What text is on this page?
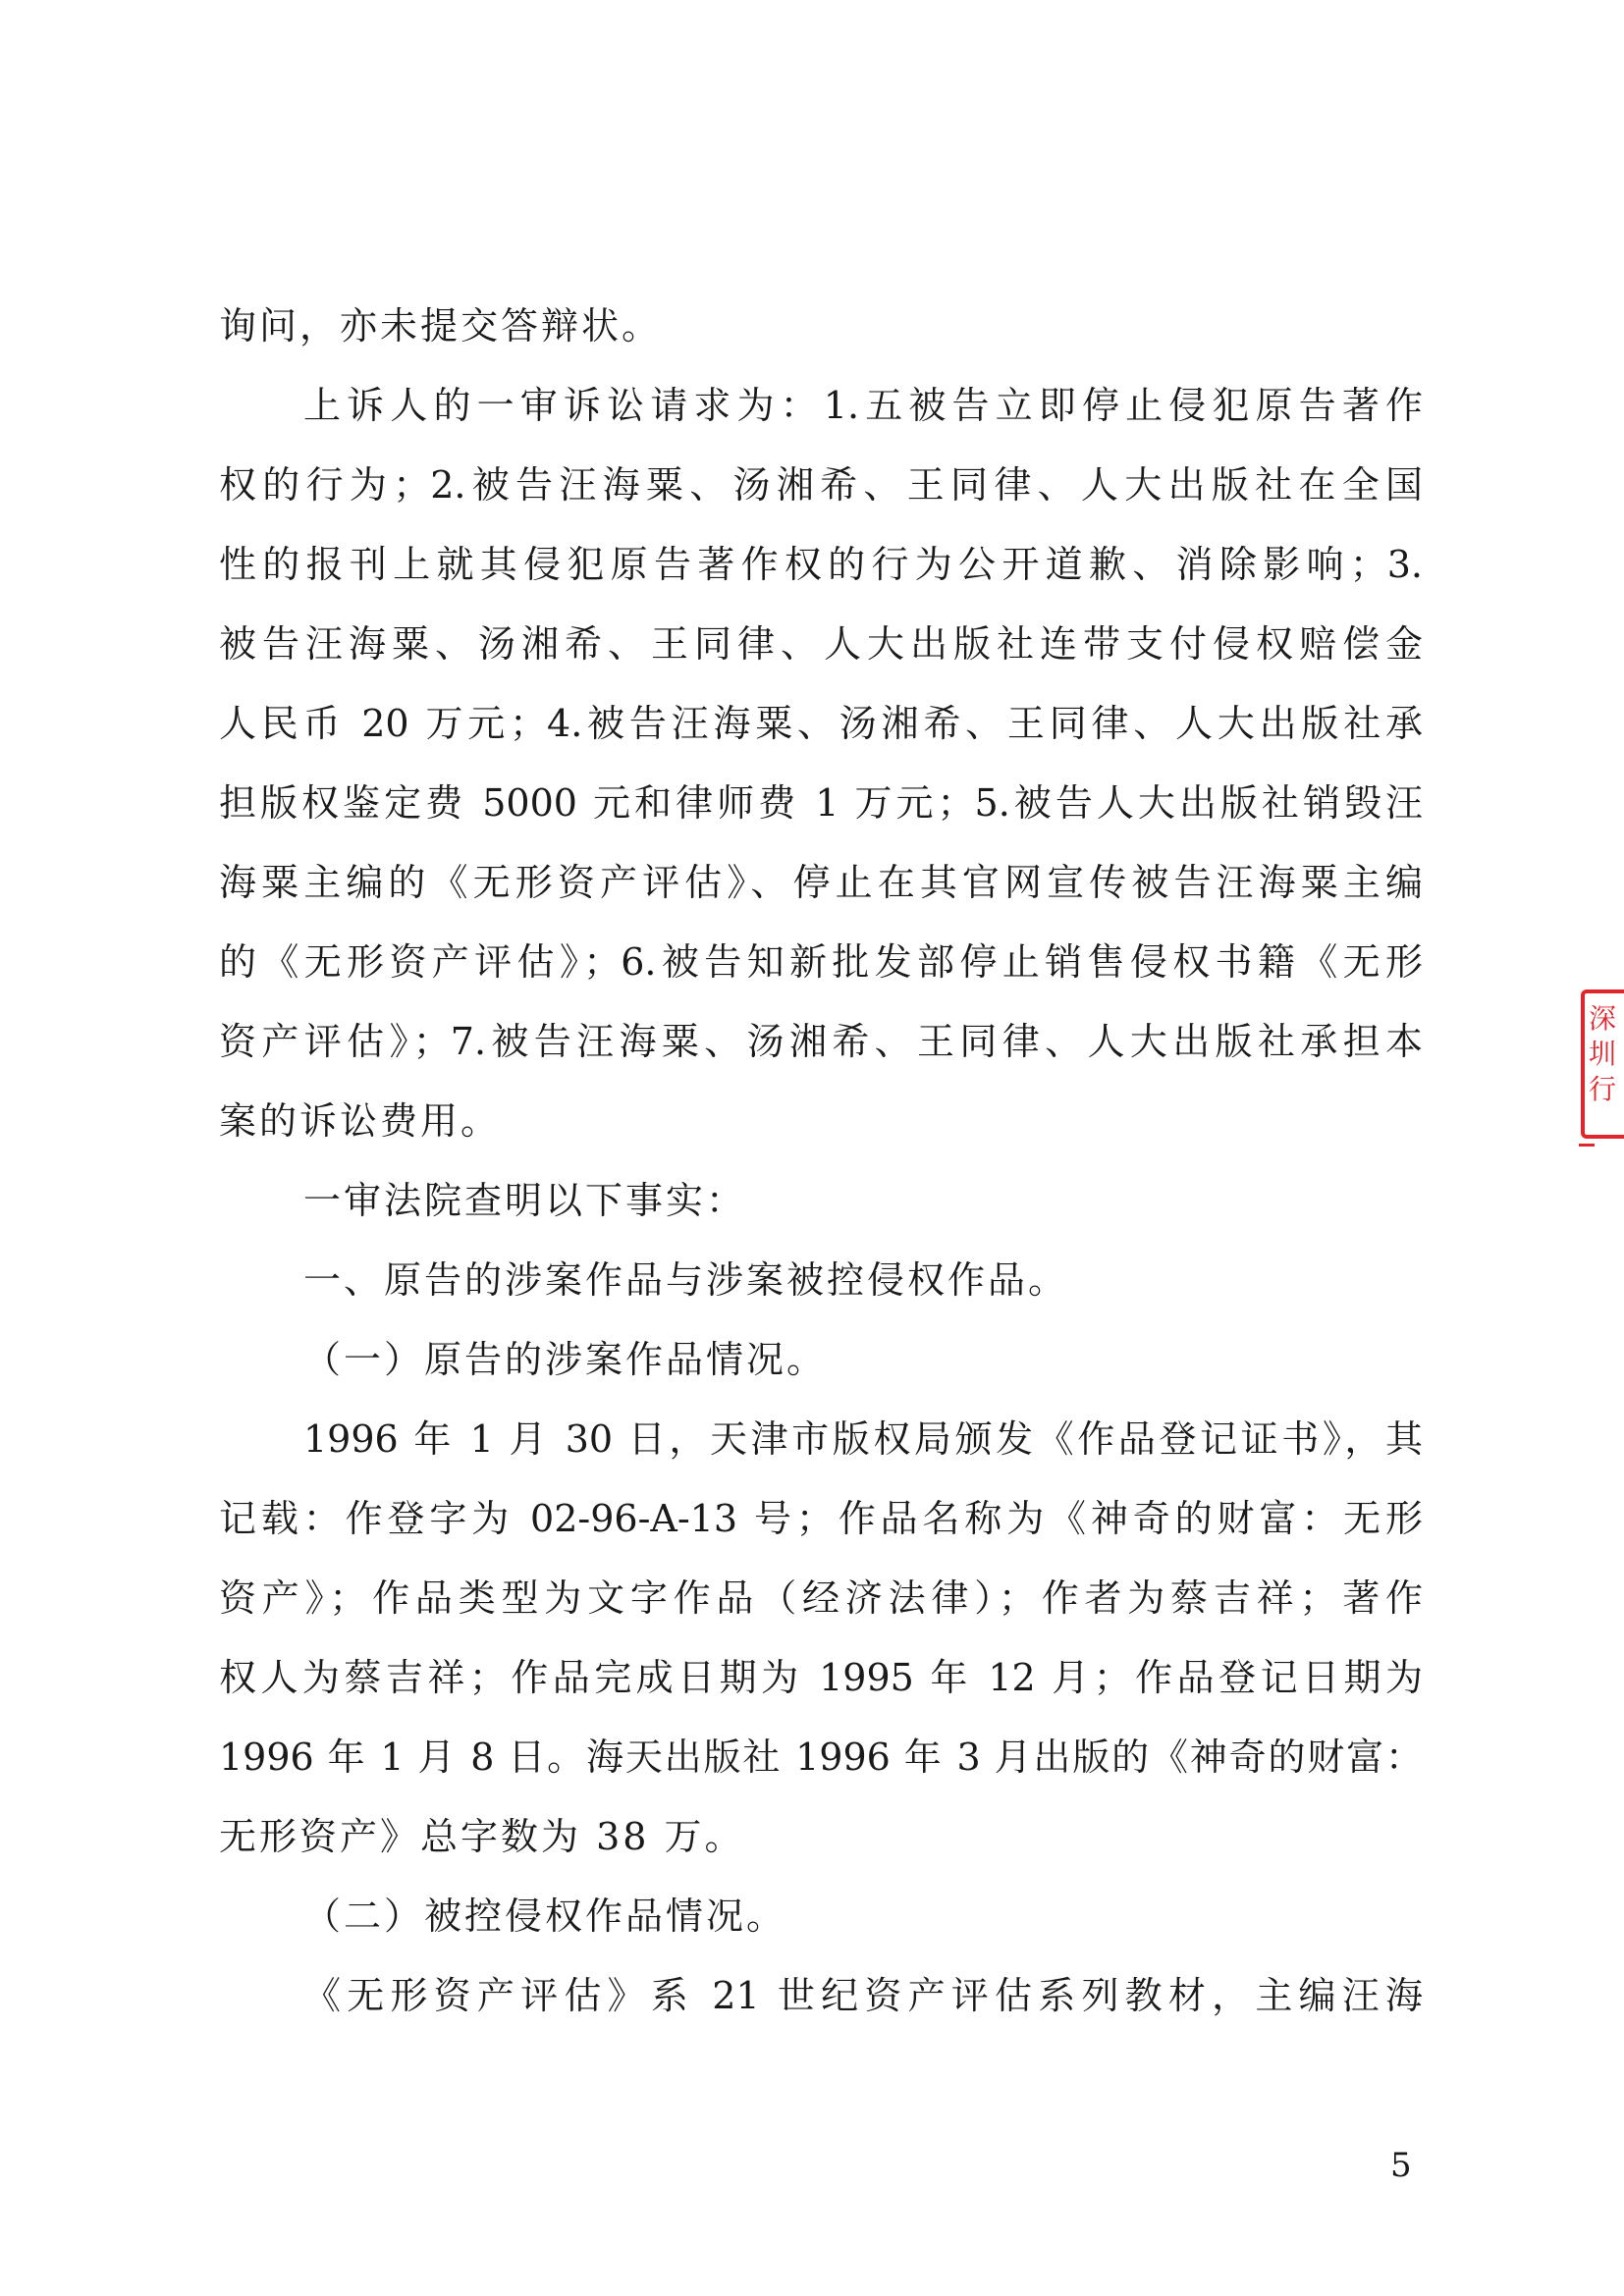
询问，亦未提交答辩状。
上诉人的一审诉讼请求为：1.五被告立即停止侵犯原告著作
权的行为；2.被告汪海粟、汤湘希、王同律、人大出版社在全国
性的报刊上就其侵犯原告著作权的行为公开道歉、消除影响；3.
被告汪海粟、汤湘希、王同律、人大出版社连带支付侵权赔偿金
人民币 20 万元；4.被告汪海粟、汤湘希、王同律、人大出版社承
担版权鉴定费 5000 元和律师费 1 万元；5.被告人大出版社销毁汪
海粟主编的《无形资产评估》、停止在其官网宣传被告汪海粟主编
的《无形资产评估》；6.被告知新批发部停止销售侵权书籍《无形
资产评估》；7.被告汪海粟、汤湘希、王同律、人大出版社承担本
案的诉讼费用。
一审法院查明以下事实：
一、原告的涉案作品与涉案被控侵权作品。
（一）原告的涉案作品情况。
1996 年 1 月 30 日，天津市版权局颁发《作品登记证书》，其
记载：作登字为 02-96-A-13 号；作品名称为《神奇的财富：无形
资产》；作品类型为文字作品（经济法律）；作者为蔡吉祥；著作
权人为蔡吉祥；作品完成日期为 1995 年 12 月；作品登记日期为
1996 年 1 月 8 日。海天出版社 1996 年 3 月出版的《神奇的财富：
无形资产》总字数为 38 万。
（二）被控侵权作品情况。
《无形资产评估》系 21 世纪资产评估系列教材，主编汪海
深圳 行
5
